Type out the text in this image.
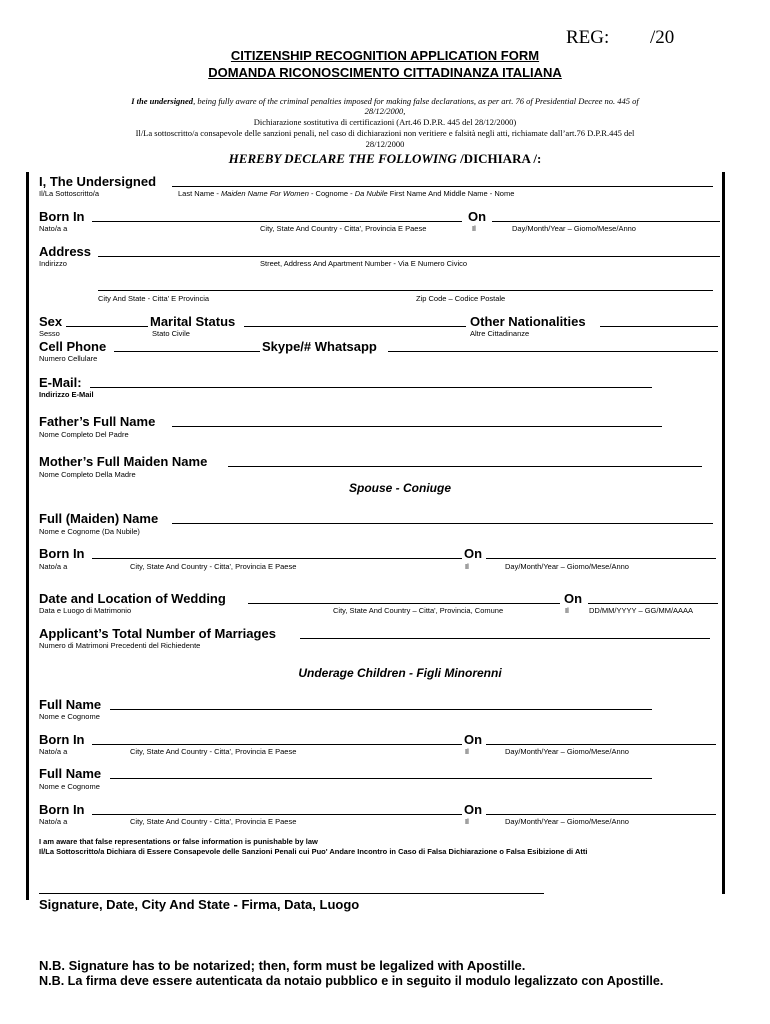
REG: /20
CITIZENSHIP RECOGNITION APPLICATION FORM
DOMANDA RICONOSCIMENTO CITTADINANZA ITALIANA
I the undersigned, being fully aware of the criminal penalties imposed for making false declarations, as per art. 76 of Presidential Decree no. 445 of
28/12/2000,
Dichiarazione sostitutiva di certificazioni (Art.46 D.P.R. 445 del 28/12/2000)
Il/La sottoscritto/a consapevole delle sanzioni penali, nel caso di dichiarazioni non veritiere e falsità negli atti, richiamate dall’art.76 D.P.R.445 del
28/12/2000
HEREBY DECLARE THE FOLLOWING /DICHIARA /:
I, The Undersigned
Il/La Sottoscritto/a	Last Name - Maiden Name For Women - Cognome - Da Nubile First Name And Middle Name - Nome
Born In	On
Nato/a a	City, State And Country - Citta', Provincia E Paese	Il	Day/Month/Year – Giomo/Mese/Anno
Address
Indirizzo	Street, Address And Apartment Number - Via E Numero Civico
City And State - Citta' E Provincia	Zip Code – Codice Postale
Sex	Marital Status	Other Nationalities
Sesso	Stato Civile	Altre Cittadinanze
Cell Phone	Skype/# Whatsapp
Numero Cellulare
E-Mail:
Indirizzo E-Mail
Father’s Full Name
Nome Completo Del Padre
Mother’s Full Maiden Name
Nome Completo Della Madre
Spouse - Coniuge
Full (Maiden) Name
Nome e Cognome (Da Nubile)
Born In	On
Nato/a a	City, State And Country - Citta', Provincia E Paese	Il	Day/Month/Year – Giomo/Mese/Anno
Date and Location of Wedding	On
Data e Luogo di Matrimonio	City, State And Country – Citta', Provincia, Comune	Il	DD/MM/YYYY – GG/MM/AAAA
Applicant’s Total Number of Marriages
Numero di Matrimoni Precedenti del Richiedente
Underage Children - Figli Minorenni
Full Name
Nome e Cognome
Born In	On
Nato/a a	City, State And Country - Citta', Provincia E Paese	Il	Day/Month/Year – Giomo/Mese/Anno
Full Name
Nome e Cognome
Born In	On
Nato/a a	City, State And Country - Citta', Provincia E Paese	Il	Day/Month/Year – Giomo/Mese/Anno
I am aware that false representations or false information is punishable by law
Il/La Sottoscritto/a Dichiara di Essere Consapevole delle Sanzioni Penali cui Puo' Andare Incontro in Caso di Falsa Dichiarazione o Falsa Esibizione di Atti
Signature, Date, City And State - Firma, Data, Luogo
N.B. Signature has to be notarized; then, form must be legalized with Apostille.
N.B. La firma deve essere autenticata da notaio pubblico e in seguito il modulo legalizzato con Apostille.
